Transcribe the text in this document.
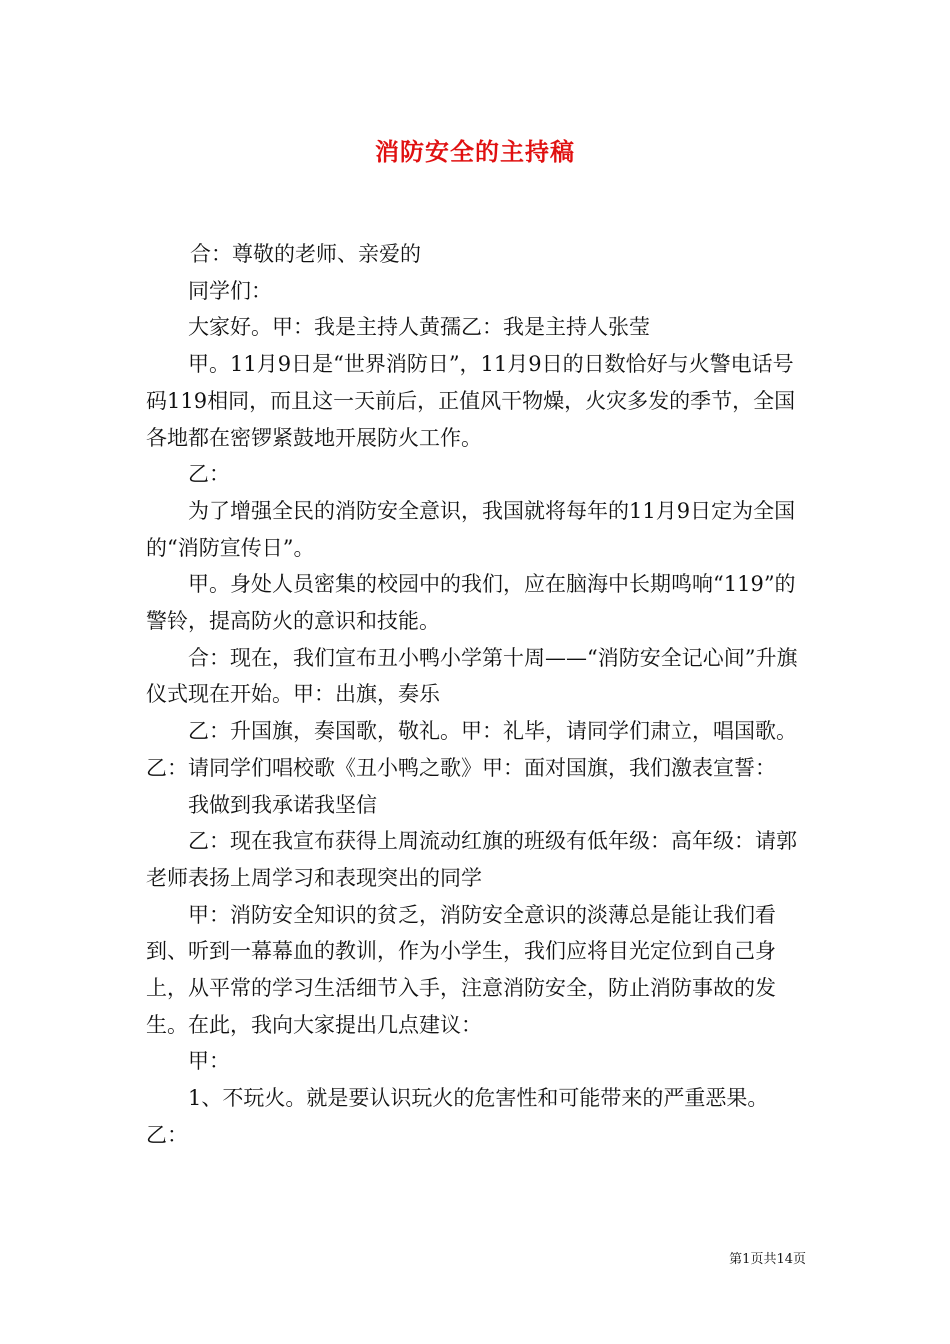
消防安全的主持稿

合：尊敬的老师、亲爱的

同学们：

大家好。甲：我是主持人黄孺乙：我是主持人张莹

甲。11月9日是“世界消防日”，11月9日的日数恰好与火警电话号码119相同，而且这一天前后，正值风干物燥，火灾多发的季节，全国各地都在密锣紧鼓地开展防火工作。

乙：

为了增强全民的消防安全意识，我国就将每年的11月9日定为全国的“消防宣传日”。

甲。身处人员密集的校园中的我们，应在脑海中长期鸣响“119”的警铃，提高防火的意识和技能。

合：现在，我们宣布丑小鸭小学第十周——“消防安全记心间”升旗仪式现在开始。甲：出旗，奏乐

乙：升国旗，奏国歌，敬礼。甲：礼毕，请同学们肃立，唱国歌。乙：请同学们唱校歌《丑小鸭之歌》甲：面对国旗，我们激表宣誓：

我做到我承诺我坚信

乙：现在我宣布获得上周流动红旗的班级有低年级：高年级：请郭老师表扬上周学习和表现突出的同学

甲：消防安全知识的贫乏，消防安全意识的淡薄总是能让我们看到、听到一幕幕血的教训，作为小学生，我们应将目光定位到自己身上，从平常的学习生活细节入手，注意消防安全，防止消防事故的发生。在此，我向大家提出几点建议：

甲：

1、不玩火。就是要认识玩火的危害性和可能带来的严重恶果。乙：

第1页共14页
